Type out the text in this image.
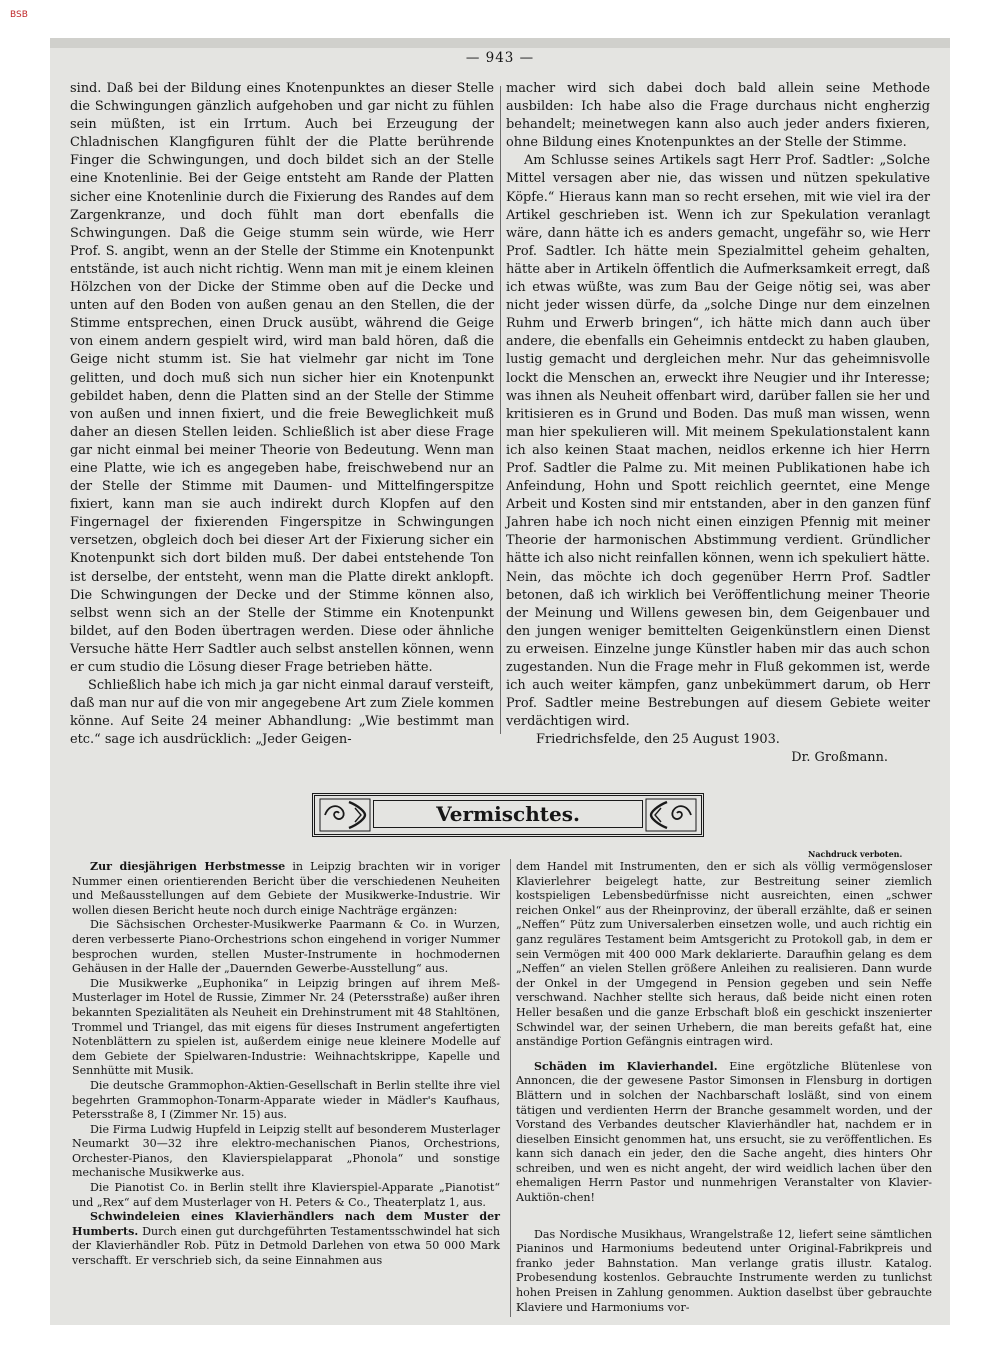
BSB
— 943 —

sind. Daß bei der Bildung eines Knotenpunktes an dieser Stelle die Schwingungen gänzlich aufgehoben und gar nicht zu fühlen sein müßten, ist ein Irrtum. Auch bei Erzeugung der Chladnischen Klangfiguren fühlt der die Platte berührende Finger die Schwingungen, und doch bildet sich an der Stelle eine Knotenlinie. Bei der Geige entsteht am Rande der Platten sicher eine Knotenlinie durch die Fixierung des Randes auf dem Zargenkranze, und doch fühlt man dort ebenfalls die Schwingungen. Daß die Geige stumm sein würde, wie Herr Prof. S. angibt, wenn an der Stelle der Stimme ein Knotenpunkt entstände, ist auch nicht richtig. Wenn man mit je einem kleinen Hölzchen von der Dicke der Stimme oben auf die Decke und unten auf den Boden von außen genau an den Stellen, die der Stimme entsprechen, einen Druck ausübt, während die Geige von einem andern gespielt wird, wird man bald hören, daß die Geige nicht stumm ist. Sie hat vielmehr gar nicht im Tone gelitten, und doch muß sich nun sicher hier ein Knotenpunkt gebildet haben, denn die Platten sind an der Stelle der Stimme von außen und innen fixiert, und die freie Beweglichkeit muß daher an diesen Stellen leiden. Schließlich ist aber diese Frage gar nicht einmal bei meiner Theorie von Bedeutung. Wenn man eine Platte, wie ich es angegeben habe, freischwebend nur an der Stelle der Stimme mit Daumen- und Mittelfingerspitze fixiert, kann man sie auch indirekt durch Klopfen auf den Fingernagel der fixierenden Fingerspitze in Schwingungen versetzen, obgleich doch bei dieser Art der Fixierung sicher ein Knotenpunkt sich dort bilden muß. Der dabei entstehende Ton ist derselbe, der entsteht, wenn man die Platte direkt anklopft. Die Schwingungen der Decke und der Stimme können also, selbst wenn sich an der Stelle der Stimme ein Knotenpunkt bildet, auf den Boden übertragen werden. Diese oder ähnliche Versuche hätte Herr Sadtler auch selbst anstellen können, wenn er cum studio die Lösung dieser Frage betrieben hätte.

Schließlich habe ich mich ja gar nicht einmal darauf versteift, daß man nur auf die von mir angegebene Art zum Ziele kommen könne. Auf Seite 24 meiner Abhandlung: „Wie bestimmt man etc.“ sage ich ausdrücklich: „Jeder Geigen-

macher wird sich dabei doch bald allein seine Methode ausbilden: Ich habe also die Frage durchaus nicht engherzig behandelt; meinetwegen kann also auch jeder anders fixieren, ohne Bildung eines Knotenpunktes an der Stelle der Stimme.

Am Schlusse seines Artikels sagt Herr Prof. Sadtler: „Solche Mittel versagen aber nie, das wissen und nützen spekulative Köpfe.“ Hieraus kann man so recht ersehen, mit wie viel ira der Artikel geschrieben ist. Wenn ich zur Spekulation veranlagt wäre, dann hätte ich es anders gemacht, ungefähr so, wie Herr Prof. Sadtler. Ich hätte mein Spezialmittel geheim gehalten, hätte aber in Artikeln öffentlich die Aufmerksamkeit erregt, daß ich etwas wüßte, was zum Bau der Geige nötig sei, was aber nicht jeder wissen dürfe, da „solche Dinge nur dem einzelnen Ruhm und Erwerb bringen“, ich hätte mich dann auch über andere, die ebenfalls ein Geheimnis entdeckt zu haben glauben, lustig gemacht und dergleichen mehr. Nur das geheimnisvolle lockt die Menschen an, erweckt ihre Neugier und ihr Interesse; was ihnen als Neuheit offenbart wird, darüber fallen sie her und kritisieren es in Grund und Boden. Das muß man wissen, wenn man hier spekulieren will. Mit meinem Spekulationstalent kann ich also keinen Staat machen, neidlos erkenne ich hier Herrn Prof. Sadtler die Palme zu. Mit meinen Publikationen habe ich Anfeindung, Hohn und Spott reichlich geerntet, eine Menge Arbeit und Kosten sind mir entstanden, aber in den ganzen fünf Jahren habe ich noch nicht einen einzigen Pfennig mit meiner Theorie der harmonischen Abstimmung verdient. Gründlicher hätte ich also nicht reinfallen können, wenn ich spekuliert hätte. Nein, das möchte ich doch gegenüber Herrn Prof. Sadtler betonen, daß ich wirklich bei Veröffentlichung meiner Theorie der Meinung und Willens gewesen bin, dem Geigenbauer und den jungen weniger bemittelten Geigenkünstlern einen Dienst zu erweisen. Einzelne junge Künstler haben mir das auch schon zugestanden. Nun die Frage mehr in Fluß gekommen ist, werde ich auch weiter kämpfen, ganz unbekümmert darum, ob Herr Prof. Sadtler meine Bestrebungen auf diesem Gebiete weiter verdächtigen wird.

Friedrichsfelde, den 25 August 1903.

Dr. Großmann.

Vermischtes.
Nachdruck verboten.

Zur diesjährigen Herbstmesse in Leipzig brachten wir in voriger Nummer einen orientierenden Bericht über die verschiedenen Neuheiten und Meßausstellungen auf dem Gebiete der Musikwerke-Industrie. Wir wollen diesen Bericht heute noch durch einige Nachträge ergänzen:

Die Sächsischen Orchester-Musikwerke Paarmann & Co. in Wurzen, deren verbesserte Piano-Orchestrions schon eingehend in voriger Nummer besprochen wurden, stellen Muster-Instrumente in hochmodernen Gehäusen in der Halle der „Dauernden Gewerbe-Ausstellung“ aus.

Die Musikwerke „Euphonika“ in Leipzig bringen auf ihrem Meß-Musterlager im Hotel de Russie, Zimmer Nr. 24 (Petersstraße) außer ihren bekannten Spezialitäten als Neuheit ein Drehinstrument mit 48 Stahltönen, Trommel und Triangel, das mit eigens für dieses Instrument angefertigten Notenblättern zu spielen ist, außerdem einige neue kleinere Modelle auf dem Gebiete der Spielwaren-Industrie: Weihnachtskrippe, Kapelle und Sennhütte mit Musik.

Die deutsche Grammophon-Aktien-Gesellschaft in Berlin stellte ihre viel begehrten Grammophon-Tonarm-Apparate wieder in Mädler's Kaufhaus, Petersstraße 8, I (Zimmer Nr. 15) aus.

Die Firma Ludwig Hupfeld in Leipzig stellt auf besonderem Musterlager Neumarkt 30—32 ihre elektro-mechanischen Pianos, Orchestrions, Orchester-Pianos, den Klavierspielapparat „Phonola“ und sonstige mechanische Musikwerke aus.

Die Pianotist Co. in Berlin stellt ihre Klavierspiel-Apparate „Pianotist“ und „Rex“ auf dem Musterlager von H. Peters & Co., Theaterplatz 1, aus.

Schwindeleien eines Klavierhändlers nach dem Muster der Humberts. Durch einen gut durchgeführten Testamentsschwindel hat sich der Klavierhändler Rob. Pütz in Detmold Darlehen von etwa 50 000 Mark verschafft. Er verschrieb sich, da seine Einnahmen aus

dem Handel mit Instrumenten, den er sich als völlig vermögensloser Klavierlehrer beigelegt hatte, zur Bestreitung seiner ziemlich kostspieligen Lebensbedürfnisse nicht ausreichten, einen „schwer reichen Onkel“ aus der Rheinprovinz, der überall erzählte, daß er seinen „Neffen“ Pütz zum Universalerben einsetzen wolle, und auch richtig ein ganz reguläres Testament beim Amtsgericht zu Protokoll gab, in dem er sein Vermögen mit 400 000 Mark deklarierte. Daraufhin gelang es dem „Neffen“ an vielen Stellen größere Anleihen zu realisieren. Dann wurde der Onkel in der Umgegend in Pension gegeben und sein Neffe verschwand. Nachher stellte sich heraus, daß beide nicht einen roten Heller besaßen und die ganze Erbschaft bloß ein geschickt inszenierter Schwindel war, der seinen Urhebern, die man bereits gefaßt hat, eine anständige Portion Gefängnis eintragen wird.

Schäden im Klavierhandel. Eine ergötzliche Blütenlese von Annoncen, die der gewesene Pastor Simonsen in Flensburg in dortigen Blättern und in solchen der Nachbarschaft losläßt, sind von einem tätigen und verdienten Herrn der Branche gesammelt worden, und der Vorstand des Verbandes deutscher Klavierhändler hat, nachdem er in dieselben Einsicht genommen hat, uns ersucht, sie zu veröffentlichen. Es kann sich danach ein jeder, den die Sache angeht, dies hinters Ohr schreiben, und wen es nicht angeht, der wird weidlich lachen über den ehemaligen Herrn Pastor und nunmehrigen Veranstalter von Klavier-Auktiön-chen!

Das Nordische Musikhaus, Wrangelstraße 12, liefert seine sämtlichen Pianinos und Harmoniums bedeutend unter Original-Fabrikpreis und franko jeder Bahnstation. Man verlange gratis illustr. Katalog. Probesendung kostenlos. Gebrauchte Instrumente werden zu tunlichst hohen Preisen in Zahlung genommen. Auktion daselbst über gebrauchte Klaviere und Harmoniums vor-
